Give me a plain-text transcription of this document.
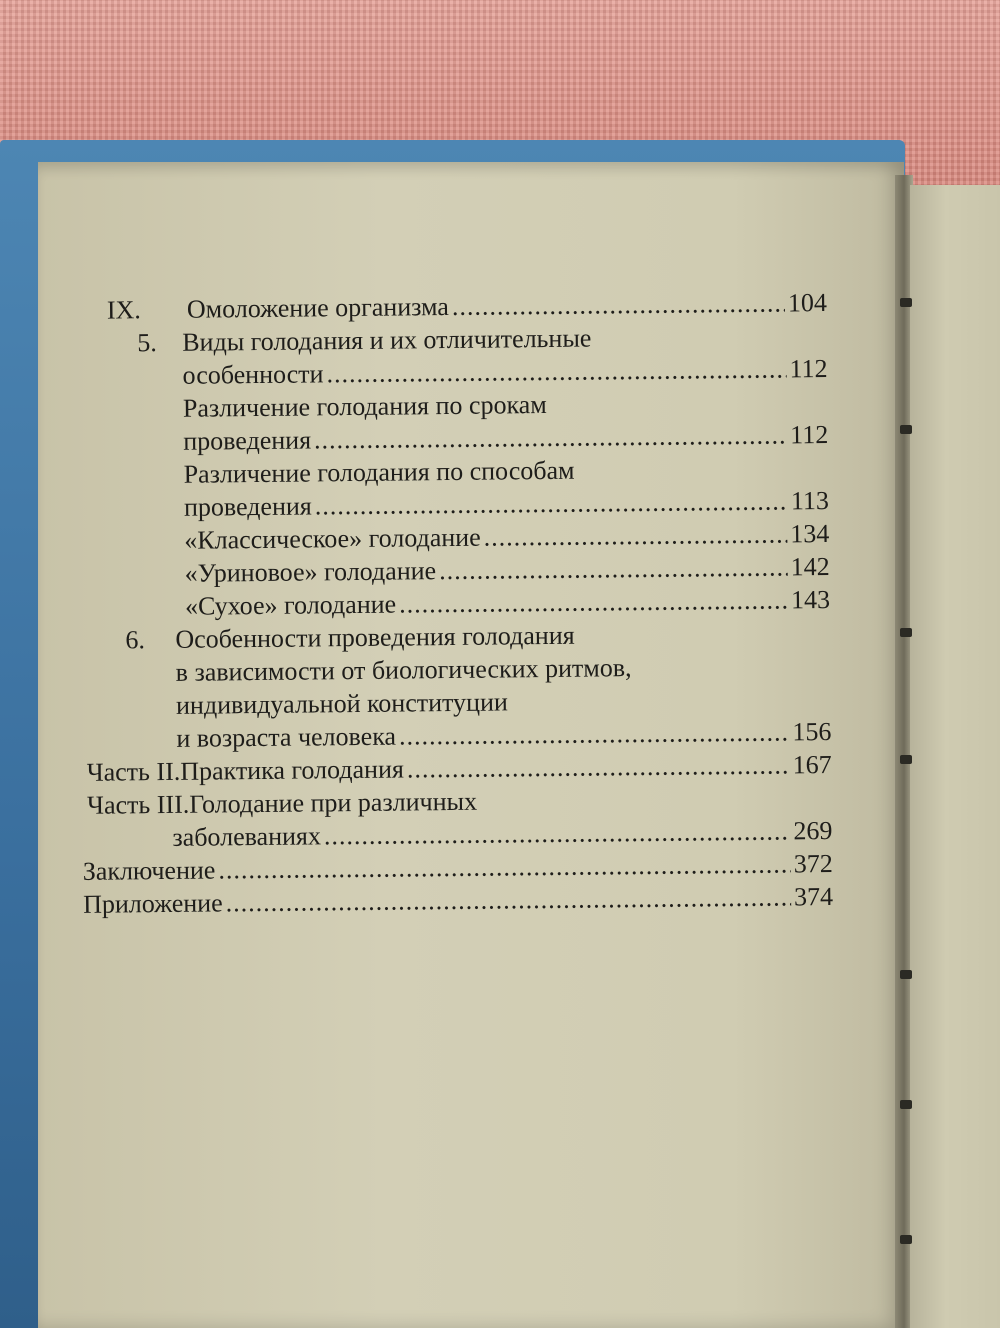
IX. Омоложение организма .....	104
5. Виды голодания и их отличительные
особенности .....	112
Различение голодания по срокам
проведения .....	112
Различение голодания по способам
проведения .....	113
«Классическое» голодание .....	134
«Уриновое» голодание .....	142
«Сухое» голодание .....	143
6. Особенности проведения голодания
в зависимости от биологических ритмов,
индивидуальной конституции
и возраста человека .....	156
Часть II.Практика голодания .....	167
Часть III.Голодание при различных
заболеваниях .....	269
Заключение .....	372
Приложение .....	374
